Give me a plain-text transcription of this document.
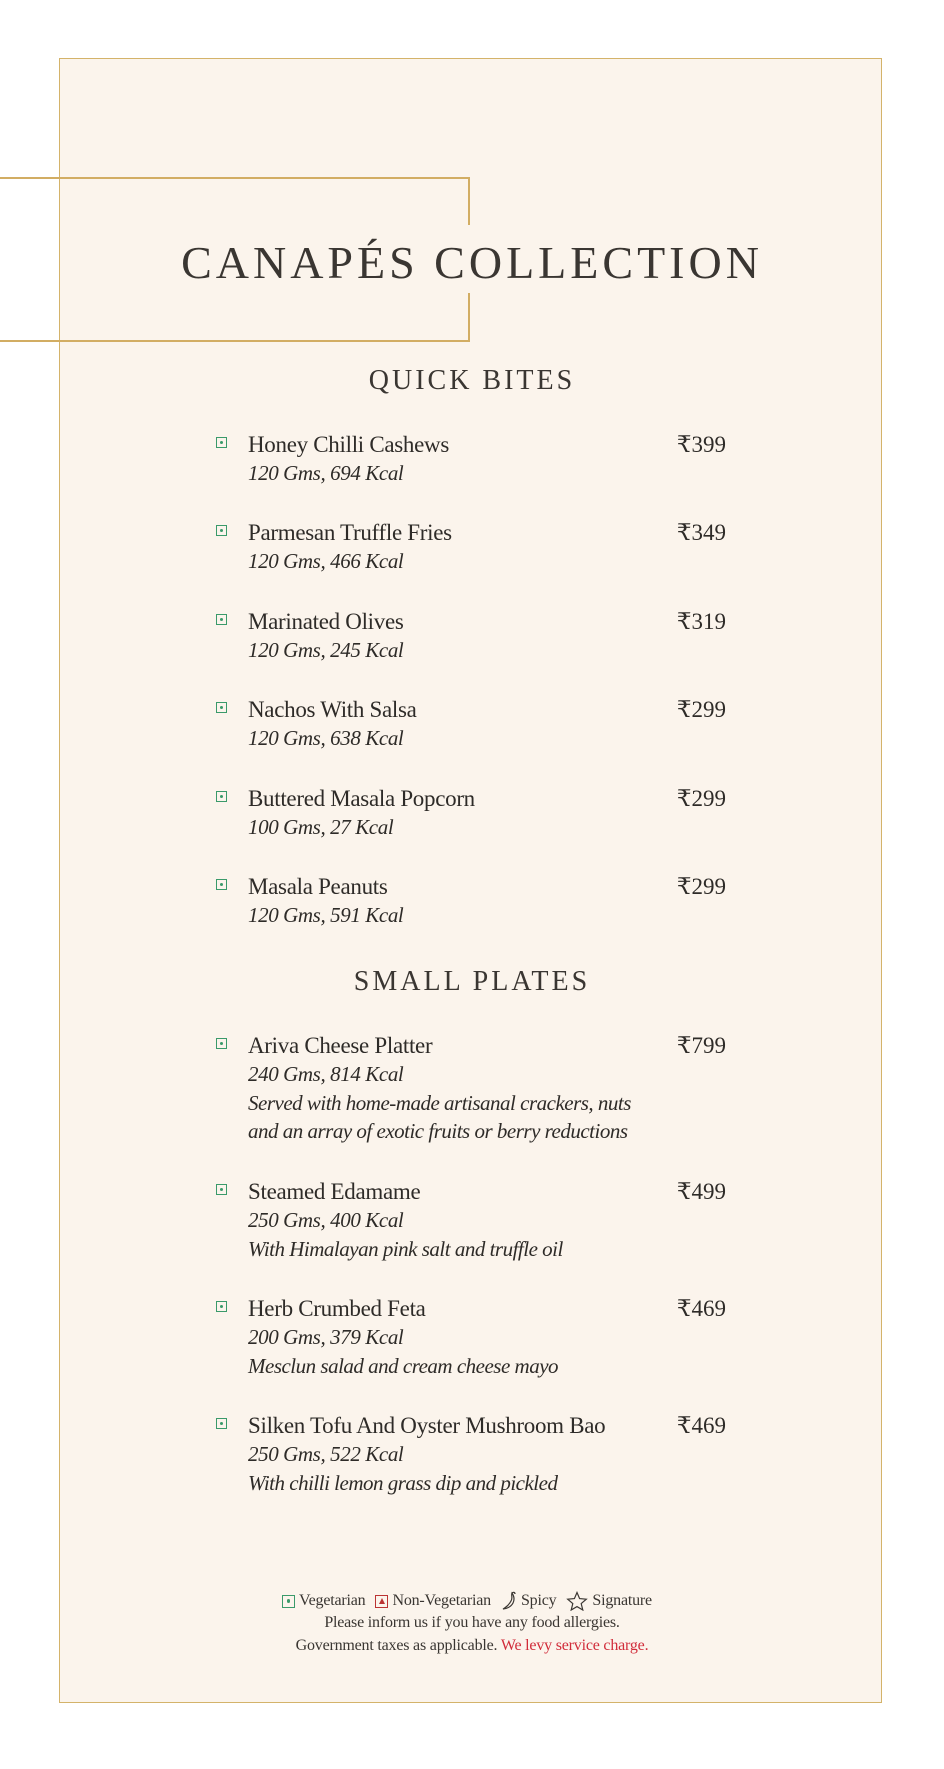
CANAPÉS COLLECTION
QUICK BITES
Honey Chilli Cashews	₹399
120 Gms, 694 Kcal
Parmesan Truffle Fries	₹349
120 Gms, 466 Kcal
Marinated Olives	₹319
120 Gms, 245 Kcal
Nachos With Salsa	₹299
120 Gms, 638 Kcal
Buttered Masala Popcorn	₹299
100 Gms, 27 Kcal
Masala Peanuts	₹299
120 Gms, 591 Kcal
SMALL PLATES
Ariva Cheese Platter	₹799
240 Gms, 814 Kcal
Served with home-made artisanal crackers, nuts
and an array of exotic fruits or berry reductions
Steamed Edamame	₹499
250 Gms, 400 Kcal
With Himalayan pink salt and truffle oil
Herb Crumbed Feta	₹469
200 Gms, 379 Kcal
Mesclun salad and cream cheese mayo
Silken Tofu And Oyster Mushroom Bao	₹469
250 Gms, 522 Kcal
With chilli lemon grass dip and pickled
Vegetarian Non-Vegetarian Spicy Signature
Please inform us if you have any food allergies.
Government taxes as applicable. We levy service charge.
